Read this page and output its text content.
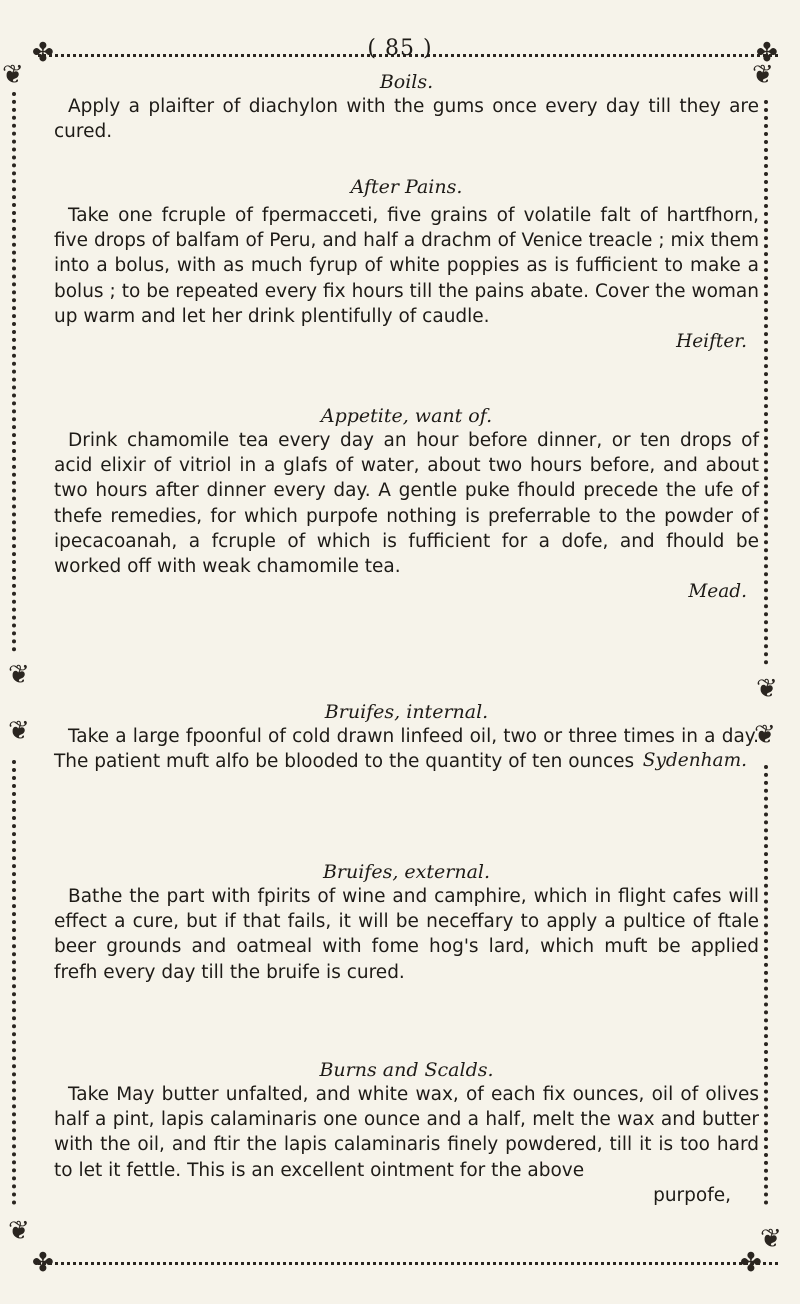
✤	✤
✤	✤
❦	❦
❦	❦
❦	❦
❦	❦
( 85 )

Boils.

Apply a plaifter of diachylon with the gums once every day till they are cured.

After Pains.

Take one fcruple of fpermacceti, five grains of volatile falt of hartfhorn, five drops of balfam of Peru, and half a drachm of Venice treacle ; mix them into a bolus, with as much fyrup of white poppies as is fufficient to make a bolus ; to be repeated every fix hours till the pains abate. Cover the woman up warm and let her drink plentifully of caudle.

Heifter.

Appetite, want of.

Drink chamomile tea every day an hour before dinner, or ten drops of acid elixir of vitriol in a glafs of water, about two hours before, and about two hours after dinner every day. A gentle puke fhould precede the ufe of thefe remedies, for which purpofe nothing is preferrable to the powder of ipecacoanah, a fcruple of which is fufficient for a dofe, and fhould be worked off with weak chamomile tea.

Mead.

Bruifes, internal.

Take a large fpoonful of cold drawn linfeed oil, two or three times in a day. The patient muft alfo be blooded to the quantity of ten ounces Sydenham.

Bruifes, external.

Bathe the part with fpirits of wine and camphire, which in flight cafes will effect a cure, but if that fails, it will be neceffary to apply a pultice of ftale beer grounds and oatmeal with fome hog's lard, which muft be applied frefh every day till the bruife is cured.

Burns and Scalds.

Take May butter unfalted, and white wax, of each fix ounces, oil of olives half a pint, lapis calaminaris one ounce and a half, melt the wax and butter with the oil, and ftir the lapis calaminaris finely powdered, till it is too hard to let it fettle. This is an excellent ointment for the above

purpofe,
